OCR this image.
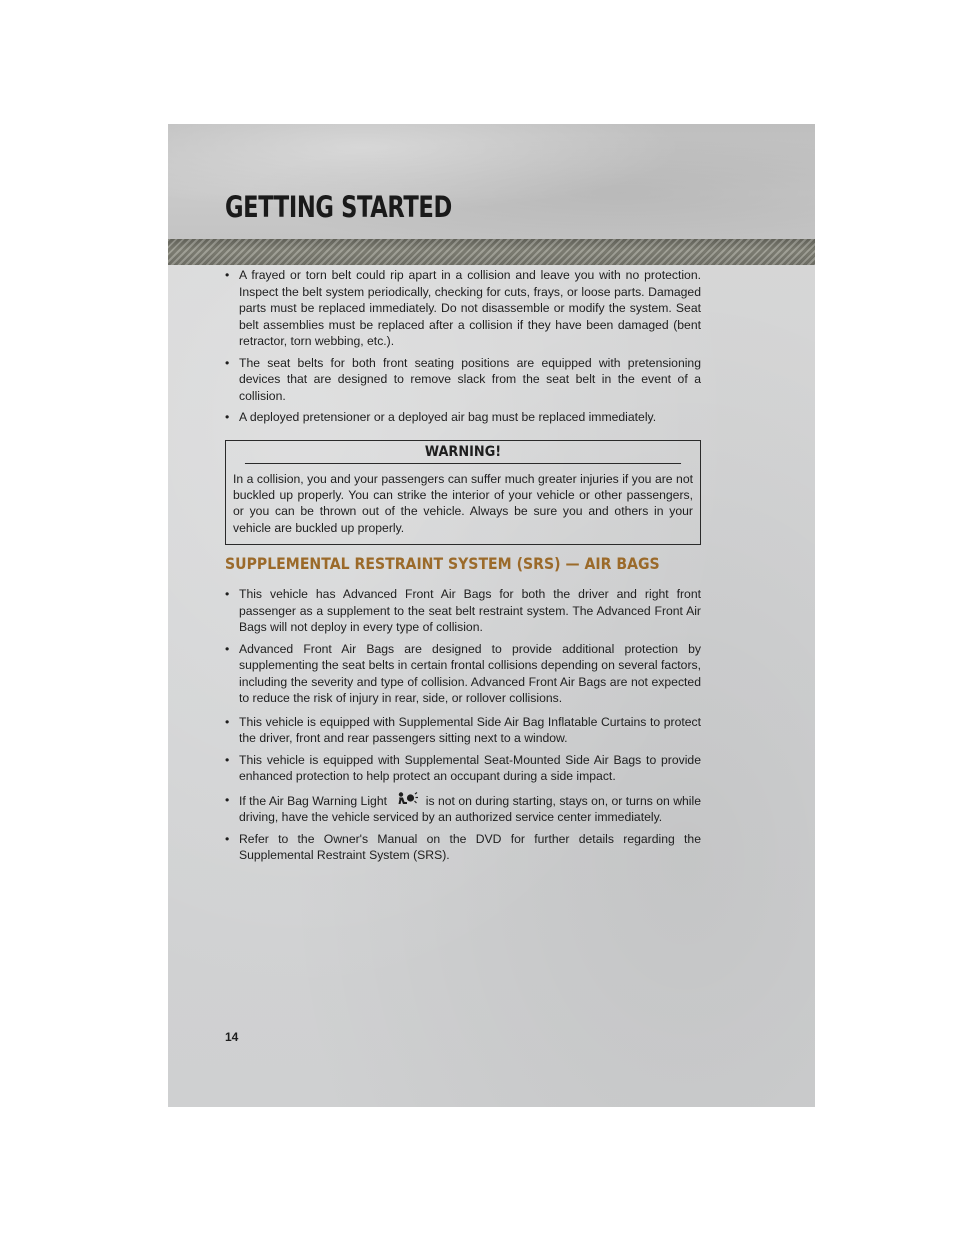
GETTING STARTED
• A frayed or torn belt could rip apart in a collision and leave you with no protection. Inspect the belt system periodically, checking for cuts, frays, or loose parts. Damaged parts must be replaced immediately. Do not disassemble or modify the system. Seat belt assemblies must be replaced after a collision if they have been damaged (bent retractor, torn webbing, etc.).
• The seat belts for both front seating positions are equipped with pretensioning devices that are designed to remove slack from the seat belt in the event of a collision.
• A deployed pretensioner or a deployed air bag must be replaced immediately.
WARNING!
In a collision, you and your passengers can suffer much greater injuries if you are not buckled up properly. You can strike the interior of your vehicle or other passengers, or you can be thrown out of the vehicle. Always be sure you and others in your vehicle are buckled up properly.
SUPPLEMENTAL RESTRAINT SYSTEM (SRS) — AIR BAGS
• This vehicle has Advanced Front Air Bags for both the driver and right front passenger as a supplement to the seat belt restraint system. The Advanced Front Air Bags will not deploy in every type of collision.
• Advanced Front Air Bags are designed to provide additional protection by supplementing the seat belts in certain frontal collisions depending on several factors, including the severity and type of collision. Advanced Front Air Bags are not expected to reduce the risk of injury in rear, side, or rollover collisions.
• This vehicle is equipped with Supplemental Side Air Bag Inflatable Curtains to protect the driver, front and rear passengers sitting next to a window.
• This vehicle is equipped with Supplemental Seat-Mounted Side Air Bags to provide enhanced protection to help protect an occupant during a side impact.
• If the Air Bag Warning Light	is not on during starting, stays on, or turns on while driving, have the vehicle serviced by an authorized service center immediately.
• Refer to the Owner's Manual on the DVD for further details regarding the Supplemental Restraint System (SRS).
14
